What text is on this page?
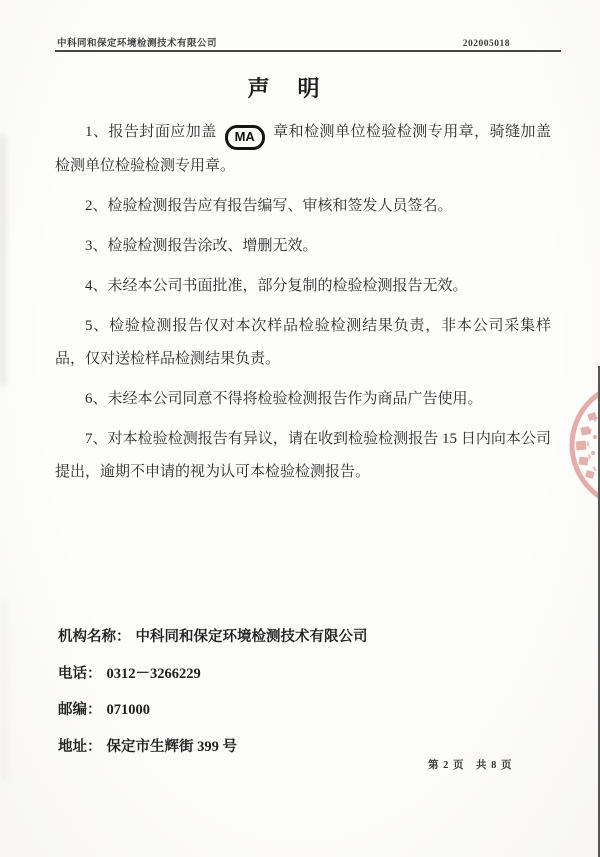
中科同和保定环境检测技术有限公司	202005018
声　明

1、报告封面应加盖 MA 章和检测单位检验检测专用章，骑缝加盖检测单位检验检测专用章。

2、检验检测报告应有报告编写、审核和签发人员签名。

3、检验检测报告涂改、增删无效。

4、未经本公司书面批准，部分复制的检验检测报告无效。

5、检验检测报告仅对本次样品检验检测结果负责，非本公司采集样品，仅对送检样品检测结果负责。

6、未经本公司同意不得将检验检测报告作为商品广告使用。

7、对本检验检测报告有异议，请在收到检验检测报告 15 日内向本公司提出，逾期不申请的视为认可本检验检测报告。

机构名称： 中科同和保定环境检测技术有限公司

电话： 0312－3266229

邮编： 071000

地址： 保定市生辉街 399 号

第 2 页　共 8 页
